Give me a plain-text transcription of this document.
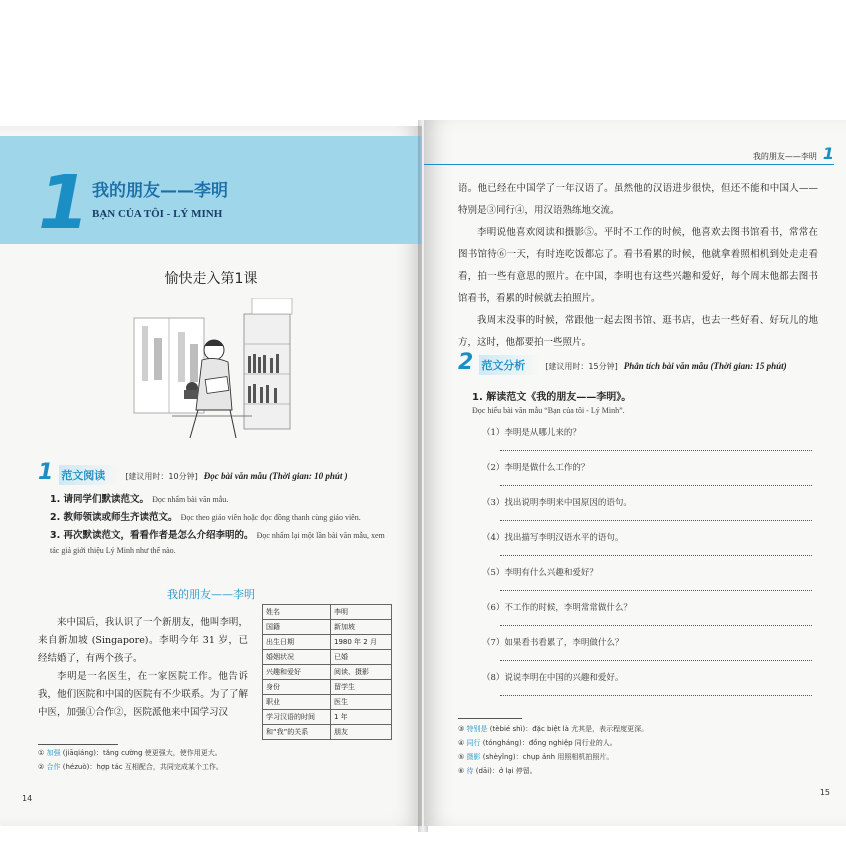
1 我的朋友——李明
BẠN CỦA TÔI - LÝ MINH
愉快走入第1课
1 范文阅读	[建议用时：10分钟] Đọc bài văn mẫu (Thời gian: 10 phút )
1. 请同学们默读范文。 Đọc nhẩm bài văn mẫu.
2. 教师领读或师生齐读范文。 Đọc theo giáo viên hoặc đọc đồng thanh cùng giáo viên.
3. 再次默读范文，看看作者是怎么介绍李明的。 Đọc nhẩm lại một lần bài văn mẫu, xem tác giả giới thiệu Lý Minh như thế nào.
我的朋友——李明

来中国后，我认识了一个新朋友，他叫李明，来自新加坡 (Singapore)。李明今年 31 岁，已经结婚了，有两个孩子。

李明是一名医生，在一家医院工作。他告诉我，他们医院和中国的医院有不少联系。为了了解中医，加强①合作②，医院派他来中国学习汉

姓名	李明
国籍	新加坡
出生日期	1980 年 2 月
婚姻状况	已婚
兴趣和爱好	阅读、摄影
身份	留学生
职业	医生
学习汉语的时间	1 年
和“我”的关系	朋友
① 加强 (jiāqiáng)：tăng cường 使更强大，使作用更大。
② 合作 (hézuò)：hợp tác 互相配合，共同完成某个工作。
14
我的朋友——李明 1

语。他已经在中国学了一年汉语了。虽然他的汉语进步很快，但还不能和中国人——特别是③同行④，用汉语熟练地交流。

李明说他喜欢阅读和摄影⑤。平时不工作的时候，他喜欢去图书馆看书，常常在图书馆待⑥一天，有时连吃饭都忘了。看书看累的时候，他就拿着照相机到处走走看看，拍一些有意思的照片。在中国，李明也有这些兴趣和爱好，每个周末他都去图书馆看书，看累的时候就去拍照片。

我周末没事的时候，常跟他一起去图书馆、逛书店，也去一些好看、好玩儿的地方，这时，他都要拍一些照片。

2 范文分析	[建议用时：15分钟] Phân tích bài văn mẫu (Thời gian: 15 phút)
1. 解读范文《我的朋友——李明》。
Đọc hiểu bài văn mẫu “Bạn của tôi - Lý Minh”.
（1）李明是从哪儿来的？
（2）李明是做什么工作的？
（3）找出说明李明来中国原因的语句。
（4）找出描写李明汉语水平的语句。
（5）李明有什么兴趣和爱好？
（6）不工作的时候，李明常常做什么？
（7）如果看书看累了，李明做什么？
（8）说说李明在中国的兴趣和爱好。
③ 特别是 (tèbié shì)：đặc biệt là 尤其是，表示程度更深。
④ 同行 (tóngháng)：đồng nghiệp 同行业的人。
⑤ 摄影 (shèyǐng)：chụp ảnh 用照相机拍照片。
⑥ 待 (dāi)：ở lại 停留。
15
